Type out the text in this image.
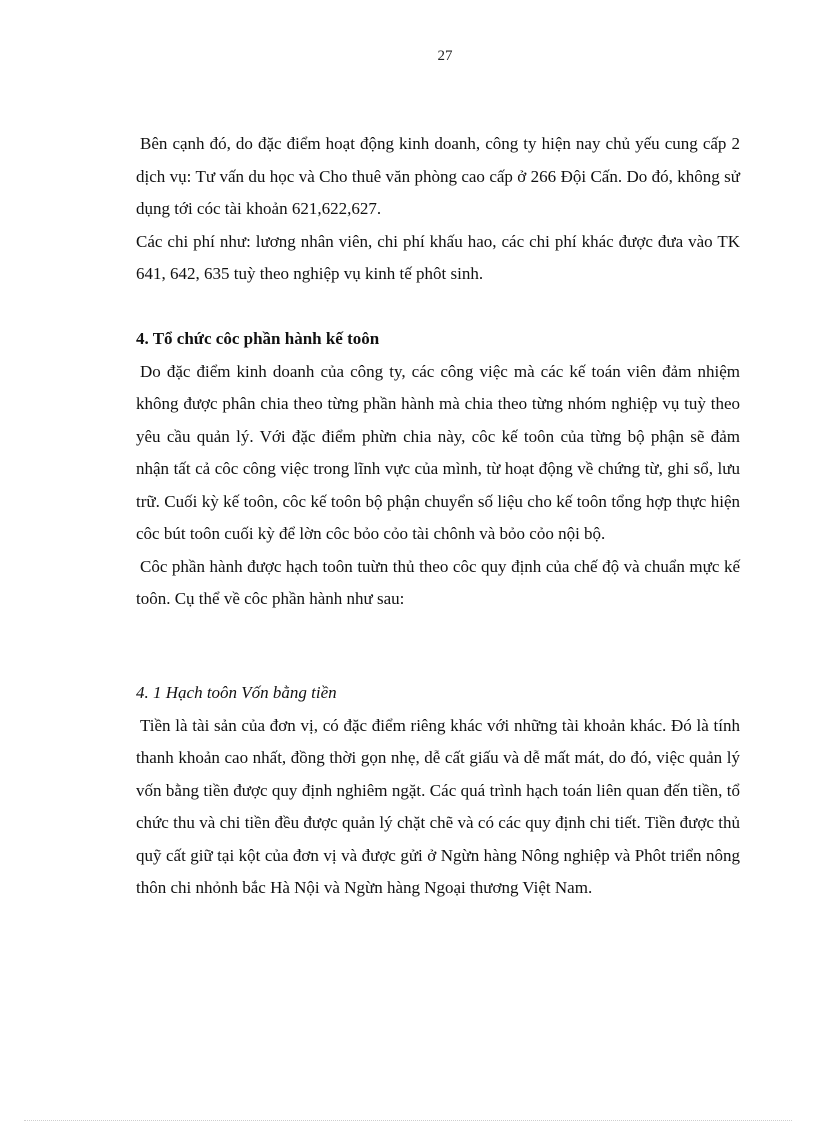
27

Bên cạnh đó, do đặc điểm hoạt động kinh doanh, công ty hiện nay chủ yếu cung cấp 2 dịch vụ: Tư vấn du học và Cho thuê văn phòng cao cấp ở 266 Đội Cấn. Do đó, không sử dụng tới cóc tài khoản 621,622,627.

Các chi phí như: lương nhân viên, chi phí khấu hao, các chi phí khác được đưa vào TK 641, 642, 635 tuỳ theo nghiệp vụ kinh tế phôt sinh.

4. Tổ chức côc phần hành kế toôn

Do đặc điểm kinh doanh của công ty, các công việc mà các kế toán viên đảm nhiệm không được phân chia theo từng phần hành mà chia theo từng nhóm nghiệp vụ tuỳ theo yêu cầu quản lý. Với đặc điểm phừn chia này, côc kế toôn của từng bộ phận sẽ đảm nhận tất cả côc công việc trong lĩnh vực của mình, từ hoạt động về chứng từ, ghi sổ, lưu trữ. Cuối kỳ kế toôn, côc kế toôn bộ phận chuyển số liệu cho kế toôn tổng hợp thực hiện côc bút toôn cuối kỳ để lờn côc bỏo cỏo tài chônh và bỏo cỏo nội bộ.

Côc phần hành được hạch toôn tuừn thủ theo côc quy định của chế độ và chuẩn mực kế toôn. Cụ thể về côc phần hành như sau:

4. 1 Hạch toôn Vốn bằng tiền

Tiền là tài sản của đơn vị, có đặc điểm riêng khác với những tài khoản khác. Đó là tính thanh khoản cao nhất, đồng thời gọn nhẹ, dễ cất giấu và dễ mất mát, do đó, việc quản lý vốn bằng tiền được quy định nghiêm ngặt. Các quá trình hạch toán liên quan đến tiền, tổ chức thu và chi tiền đều được quản lý chặt chẽ và có các quy định chi tiết. Tiền được thủ quỹ cất giữ tại kột của đơn vị và được gửi ở Ngừn hàng Nông nghiệp và Phôt triển nông thôn chi nhỏnh bắc Hà Nội và Ngừn hàng Ngoại thương Việt Nam.
